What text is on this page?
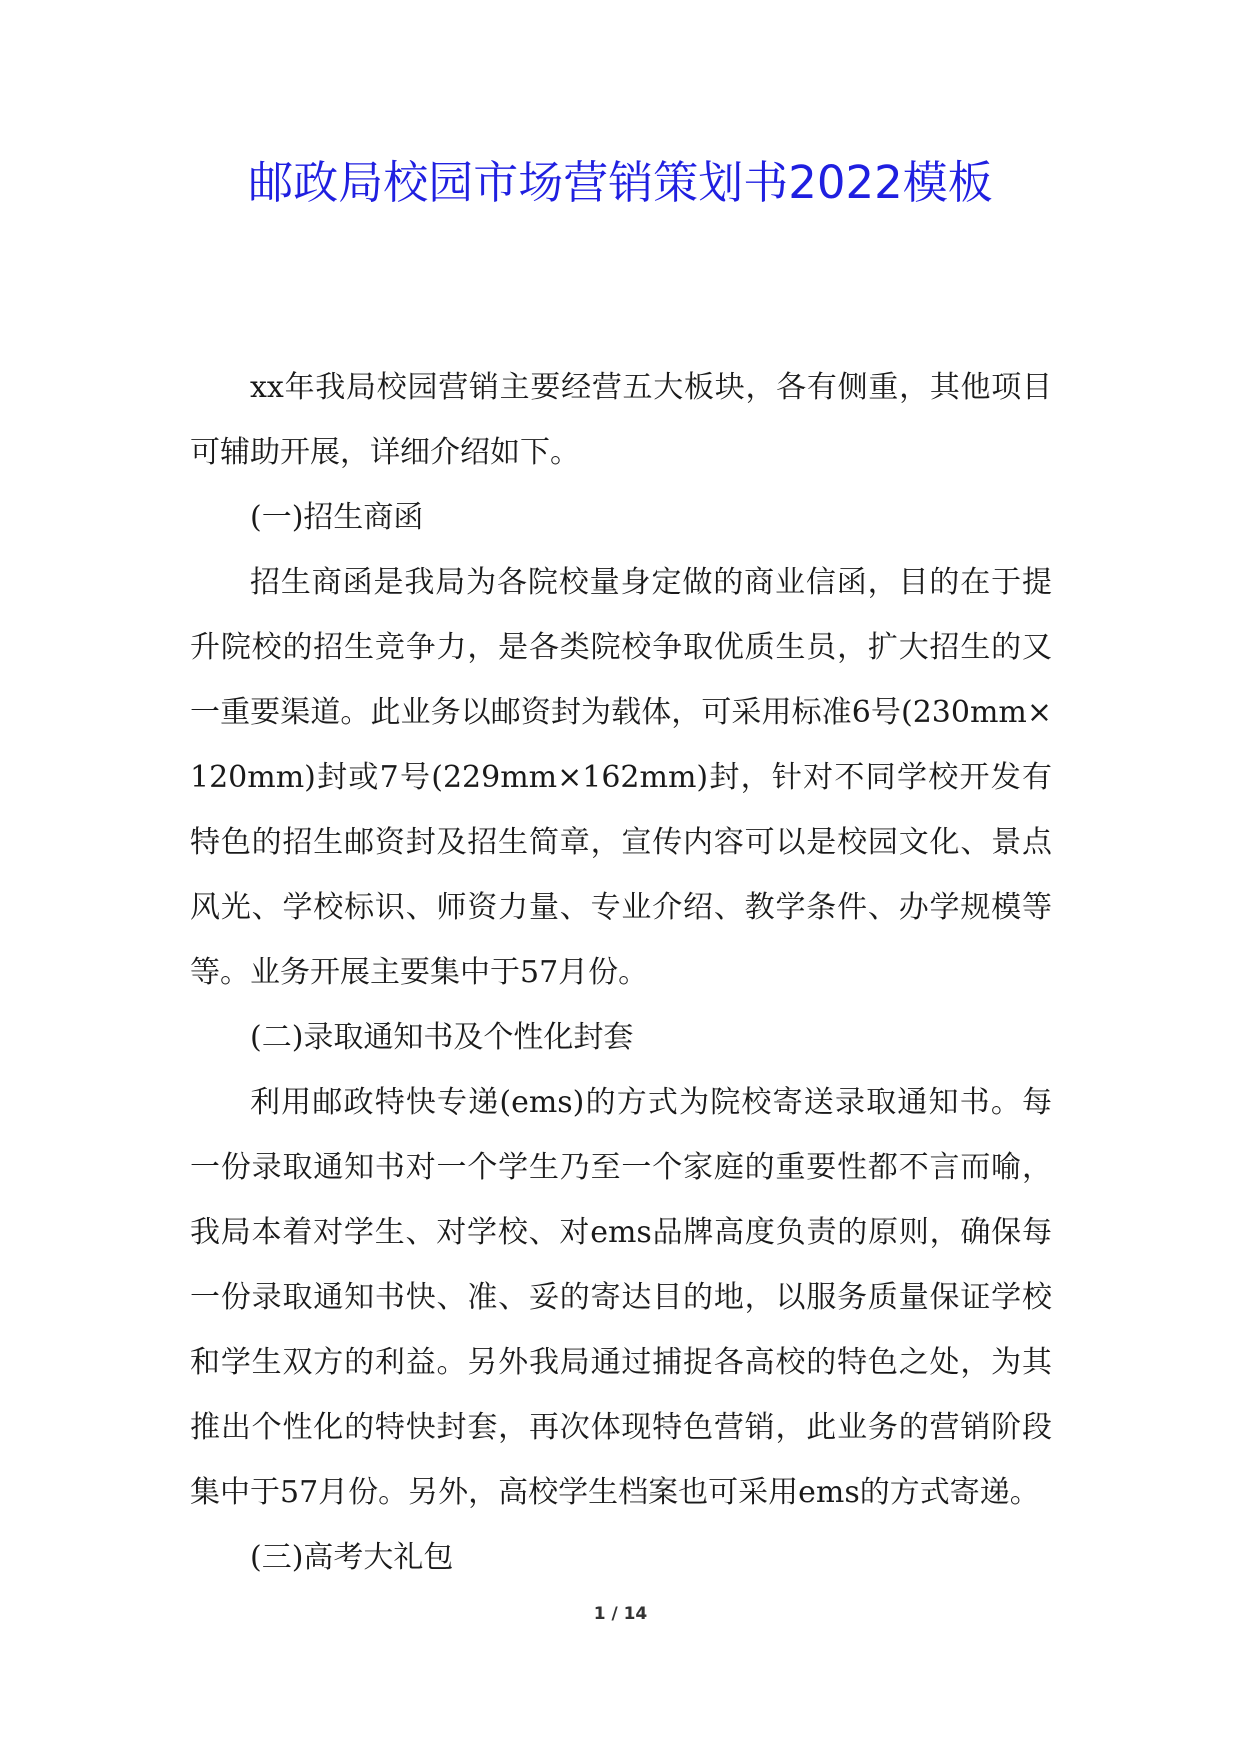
邮政局校园市场营销策划书2022模板

xx年我局校园营销主要经营五大板块，各有侧重，其他项目可辅助开展，详细介绍如下。

(一)招生商函

招生商函是我局为各院校量身定做的商业信函，目的在于提升院校的招生竞争力，是各类院校争取优质生员，扩大招生的又一重要渠道。此业务以邮资封为载体，可采用标准6号(230mm×120mm)封或7号(229mm×162mm)封，针对不同学校开发有特色的招生邮资封及招生简章，宣传内容可以是校园文化、景点风光、学校标识、师资力量、专业介绍、教学条件、办学规模等等。业务开展主要集中于57月份。

(二)录取通知书及个性化封套

利用邮政特快专递(ems)的方式为院校寄送录取通知书。每一份录取通知书对一个学生乃至一个家庭的重要性都不言而喻，我局本着对学生、对学校、对ems品牌高度负责的原则，确保每一份录取通知书快、准、妥的寄达目的地，以服务质量保证学校和学生双方的利益。另外我局通过捕捉各高校的特色之处，为其推出个性化的特快封套，再次体现特色营销，此业务的营销阶段集中于57月份。另外，高校学生档案也可采用ems的方式寄递。

(三)高考大礼包

1 / 14
